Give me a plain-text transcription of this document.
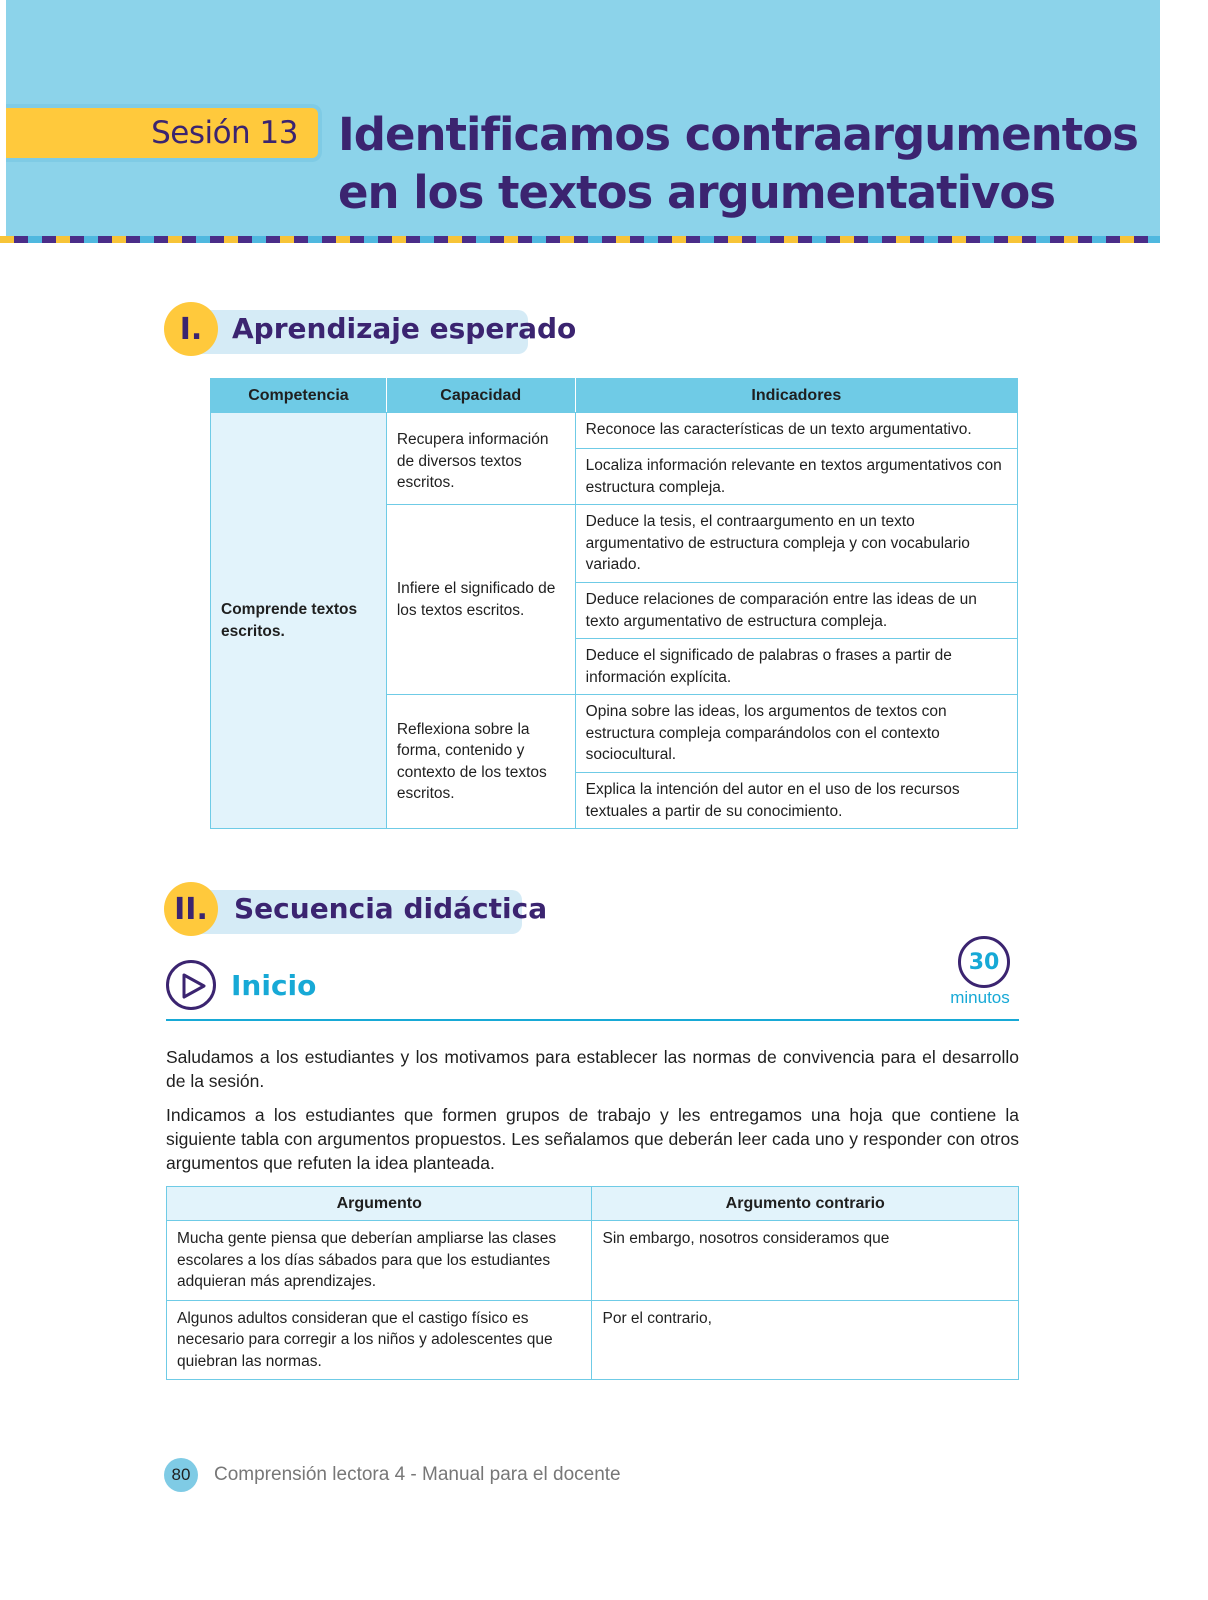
Sesión 13 Identificamos contraargumentos
en los textos argumentativos
I.	Aprendizaje esperado
Competencia	Capacidad	Indicadores
Comprende textos escritos.	Recupera información de diversos textos escritos.	Reconoce las características de un texto argumentativo.
		Localiza información relevante en textos argumentativos con estructura compleja.
	Infiere el significado de los textos escritos.	Deduce la tesis, el contraargumento en un texto argumentativo de estructura compleja y con vocabulario variado.
		Deduce relaciones de comparación entre las ideas de un texto argumentativo de estructura compleja.
		Deduce el significado de palabras o frases a partir de información explícita.
	Reflexiona sobre la forma, contenido y contexto de los textos escritos.	Opina sobre las ideas, los argumentos de textos con estructura compleja comparándolos con el contexto sociocultural.
		Explica la intención del autor en el uso de los recursos textuales a partir de su conocimiento.
II. Secuencia didáctica
Inicio
30
minutos

Saludamos a los estudiantes y los motivamos para establecer las normas de convivencia para el desarrollo de la sesión.

Indicamos a los estudiantes que formen grupos de trabajo y les entregamos una hoja que contiene la siguiente tabla con argumentos propuestos. Les señalamos que deberán leer cada uno y responder con otros argumentos que refuten la idea planteada.

Argumento	Argumento contrario
Mucha gente piensa que deberían ampliarse las clases escolares a los días sábados para que los estudiantes adquieran más aprendizajes.	Sin embargo, nosotros consideramos que
Algunos adultos consideran que el castigo físico es necesario para corregir a los niños y adolescentes que quiebran las normas.	Por el contrario,
80	Comprensión lectora 4 - Manual para el docente
